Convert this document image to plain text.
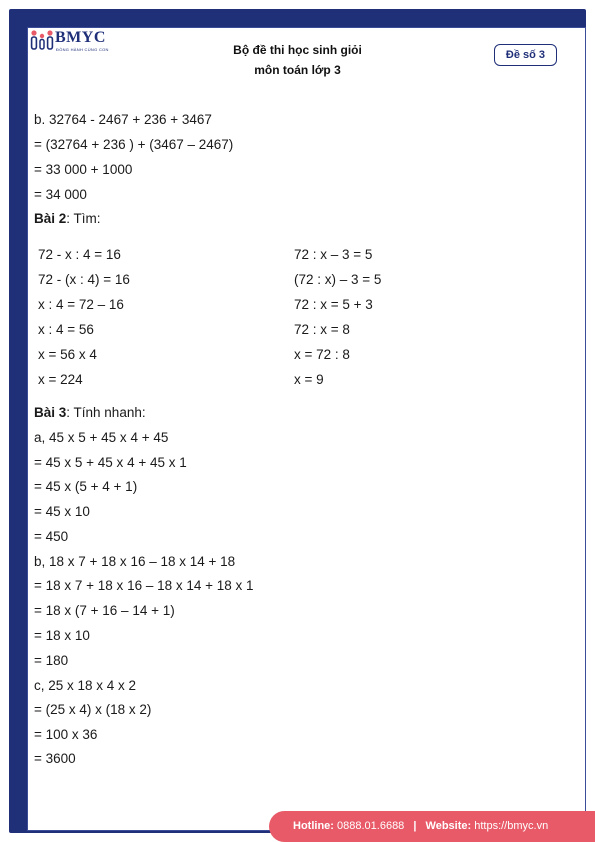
BMYC
ĐỒNG HÀNH CÙNG CON	Bộ đề thi học sinh giỏi
môn toán lớp 3
Đề số 3
b. 32764 - 2467 + 236 + 3467
= (32764 + 236 ) + (3467 – 2467)
= 33 000 + 1000
= 34 000
Bài 2: Tìm:
72 - x : 4 = 16
72 - (x : 4) = 16
x : 4 = 72 – 16
x : 4 = 56
x = 56 x 4
x = 224
72 : x – 3 = 5
(72 : x) – 3 = 5
72 : x = 5 + 3
72 : x = 8
x = 72 : 8
x = 9
Bài 3: Tính nhanh:
a, 45 x 5 + 45 x 4 + 45
= 45 x 5 + 45 x 4 + 45 x 1
= 45 x (5 + 4 + 1)
= 45 x 10
= 450
b, 18 x 7 + 18 x 16 – 18 x 14 + 18
= 18 x 7 + 18 x 16 – 18 x 14 + 18 x 1
= 18 x (7 + 16 – 14 + 1)
= 18 x 10
= 180
c, 25 x 18 x 4 x 2
= (25 x 4) x (18 x 2)
= 100 x 36
= 3600
Hotline: 0888.01.6688 | Website: https://bmyc.vn
